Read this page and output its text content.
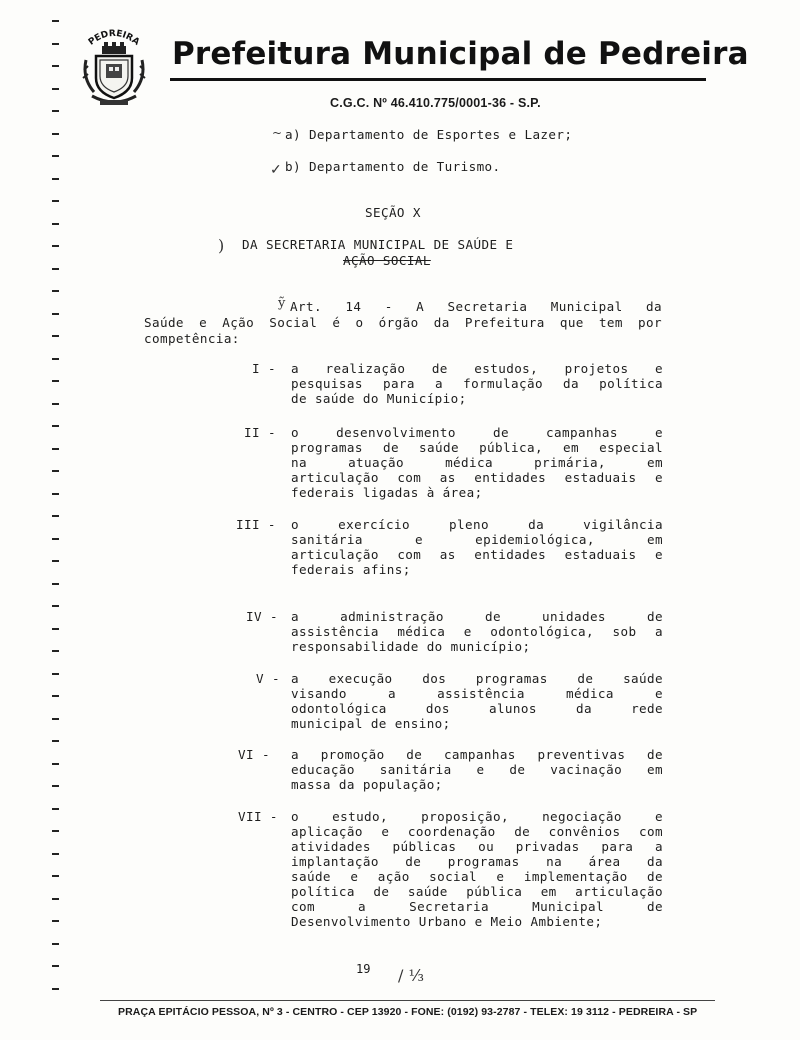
PEDREIRA Prefeitura Municipal de Pedreira
C.G.C. Nº 46.410.775/0001-36 - S.P.
a) Departamento de Esportes e Lazer;
~
b) Departamento de Turismo.
✓
SEÇÃO X
) DA SECRETARIA MUNICIPAL DE SAÚDE E
AÇÃO SOCIAL
ỹ Art. 14 - A Secretaria Municipal da
Saúde e Ação Social é o órgão da Prefeitura que tem por
competência:
I - a realização de estudos, projetos e
pesquisas para a formulação da política
de saúde do Município;
II - o desenvolvimento de campanhas e
programas de saúde pública, em especial
na atuação médica primária, em
articulação com as entidades estaduais e
federais ligadas à área;
III - o exercício pleno da vigilância
sanitária e epidemiológica, em
articulação com as entidades estaduais e
federais afins;
IV - a administração de unidades de
assistência médica e odontológica, sob a
responsabilidade do município;
V - a execução dos programas de saúde
visando a assistência médica e
odontológica dos alunos da rede
municipal de ensino;
VI - a promoção de campanhas preventivas de
educação sanitária e de vacinação em
massa da população;
VII - o estudo, proposição, negociação e
aplicação e coordenação de convênios com
atividades públicas ou privadas para a
implantação de programas na área da
saúde e ação social e implementação de
política de saúde pública em articulação
com a Secretaria Municipal de
Desenvolvimento Urbano e Meio Ambiente;
19 / ⅓
PRAÇA EPITÁCIO PESSOA, Nº 3 - CENTRO - CEP 13920 - FONE: (0192) 93-2787 - TELEX: 19 3112 - PEDREIRA - SP
